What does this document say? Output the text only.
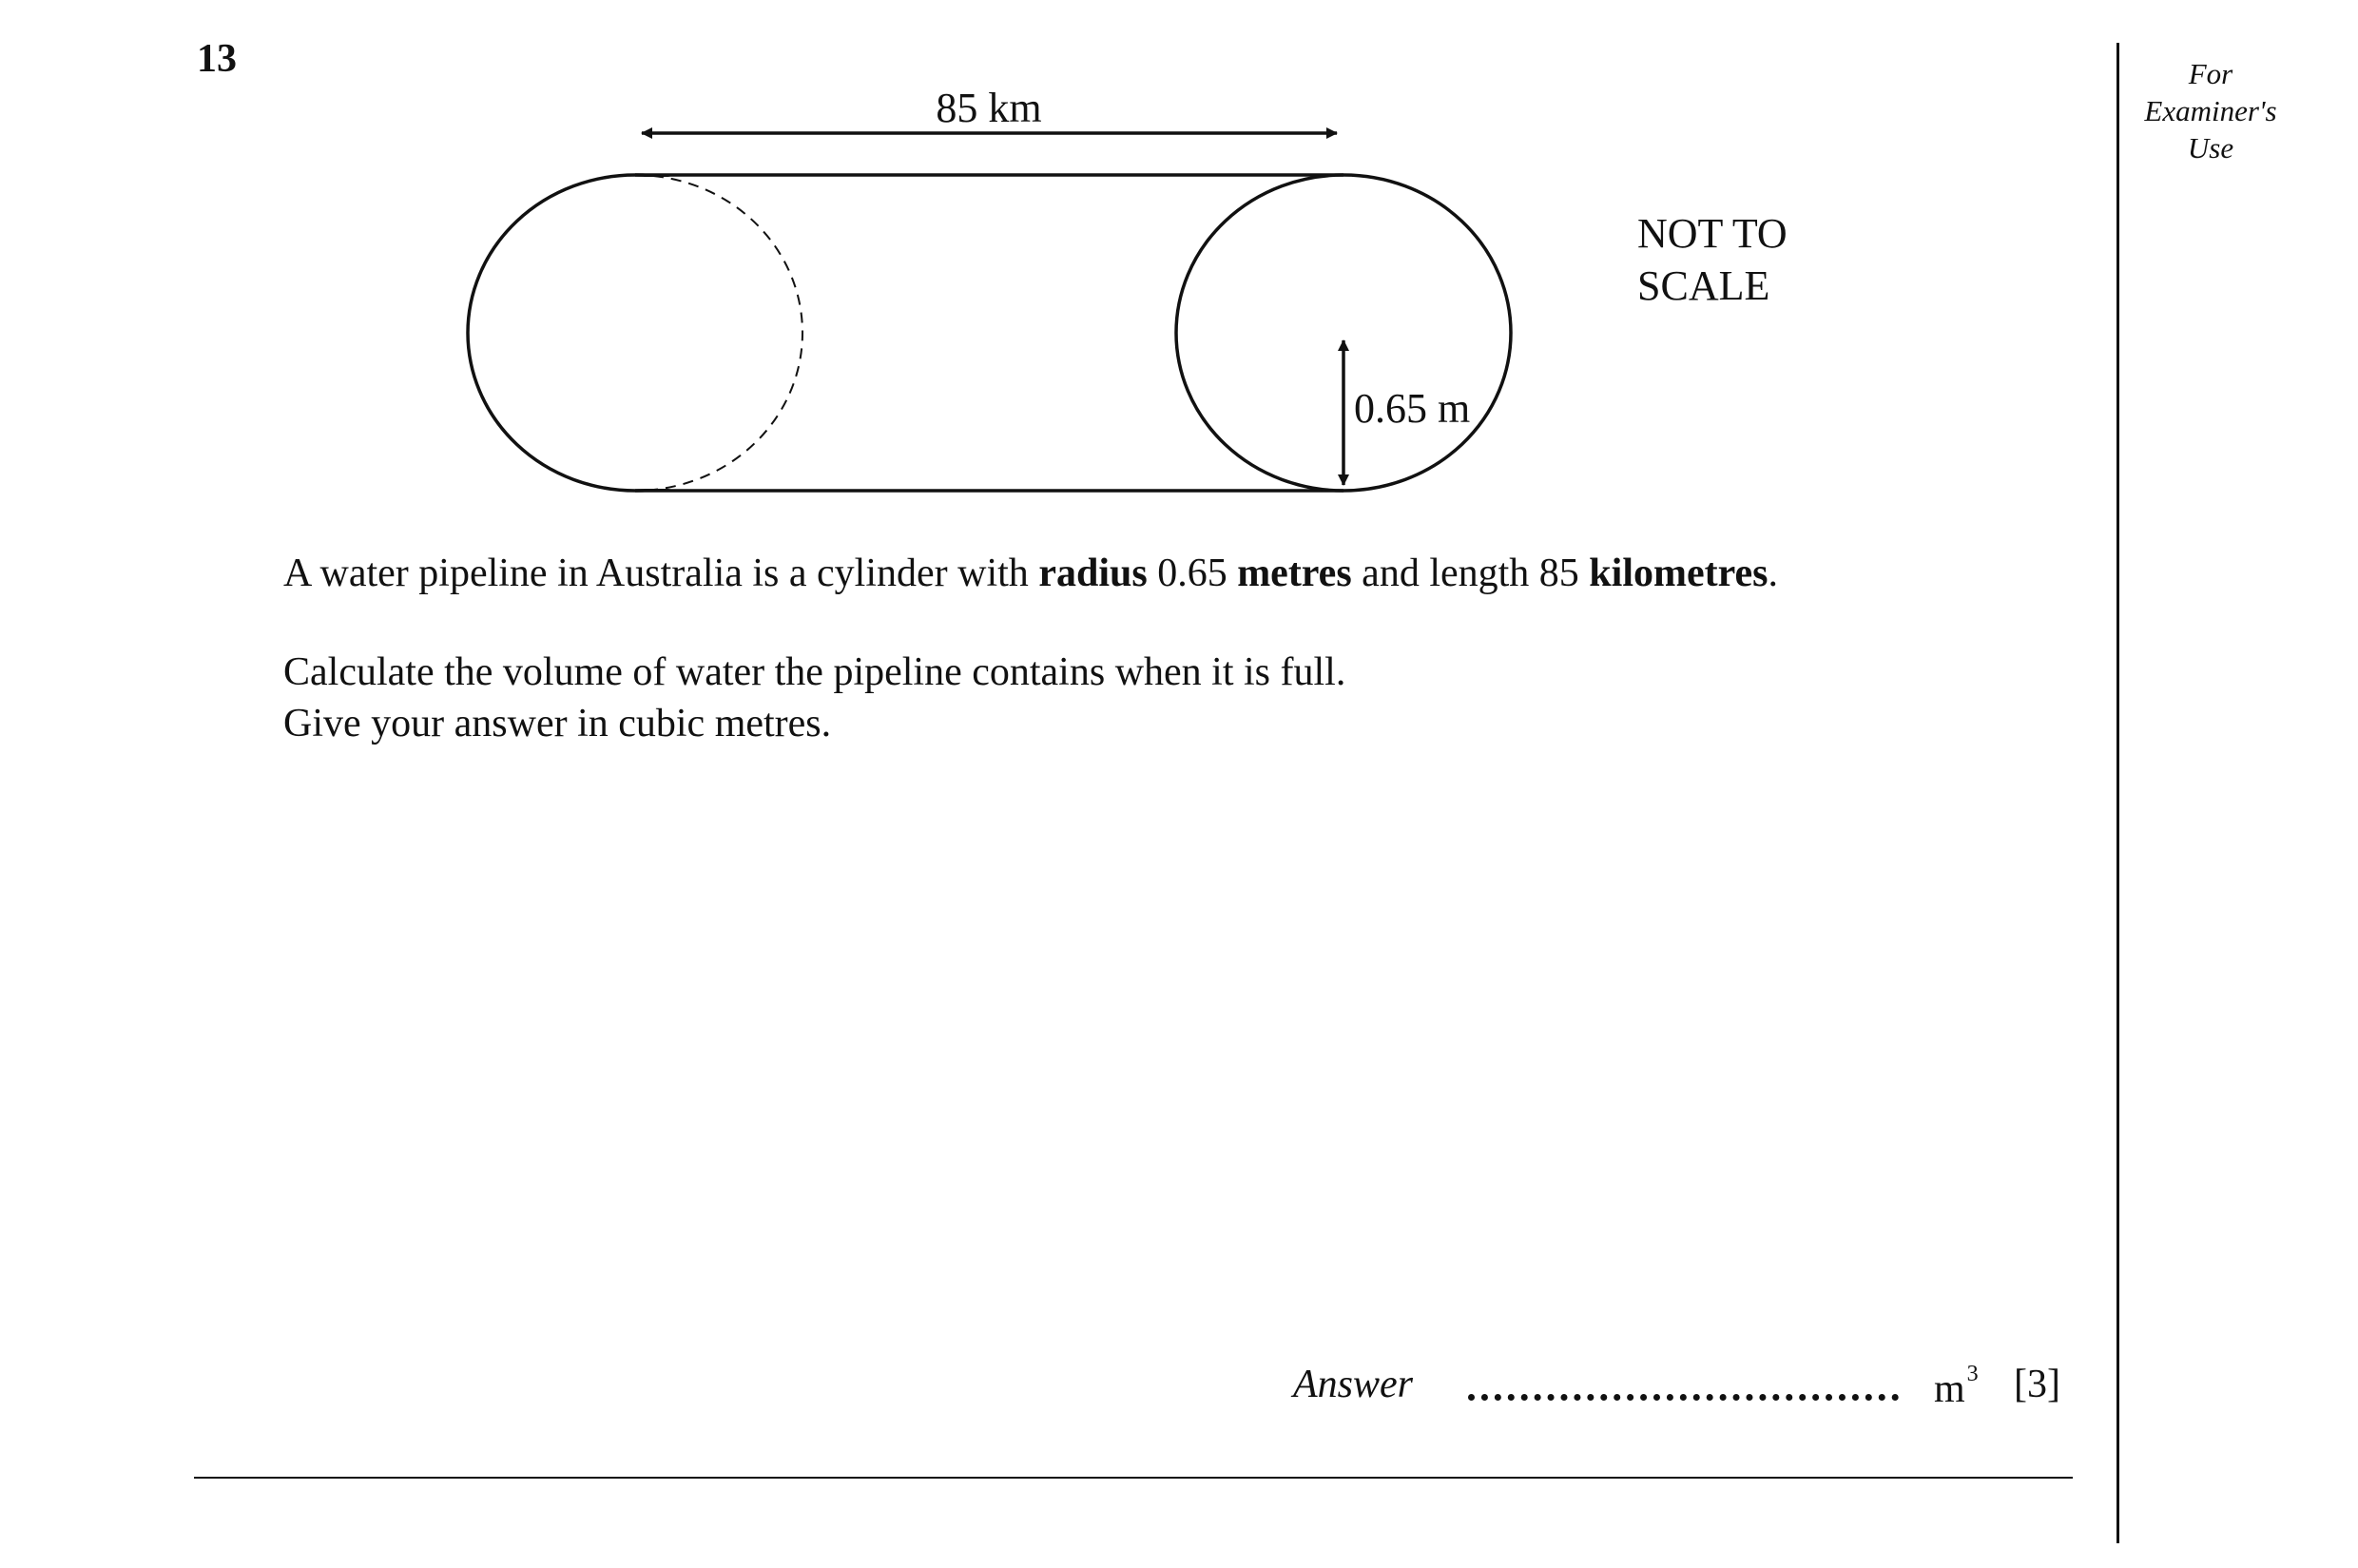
13	For
Examiner's
Use
85 km
0.65 m
NOT TO
SCALE
A water pipeline in Australia is a cylinder with radius 0.65 metres and length 85 kilometres.
Calculate the volume of water the pipeline contains when it is full.
Give your answer in cubic metres.
Answer	$m^3$ [3]
